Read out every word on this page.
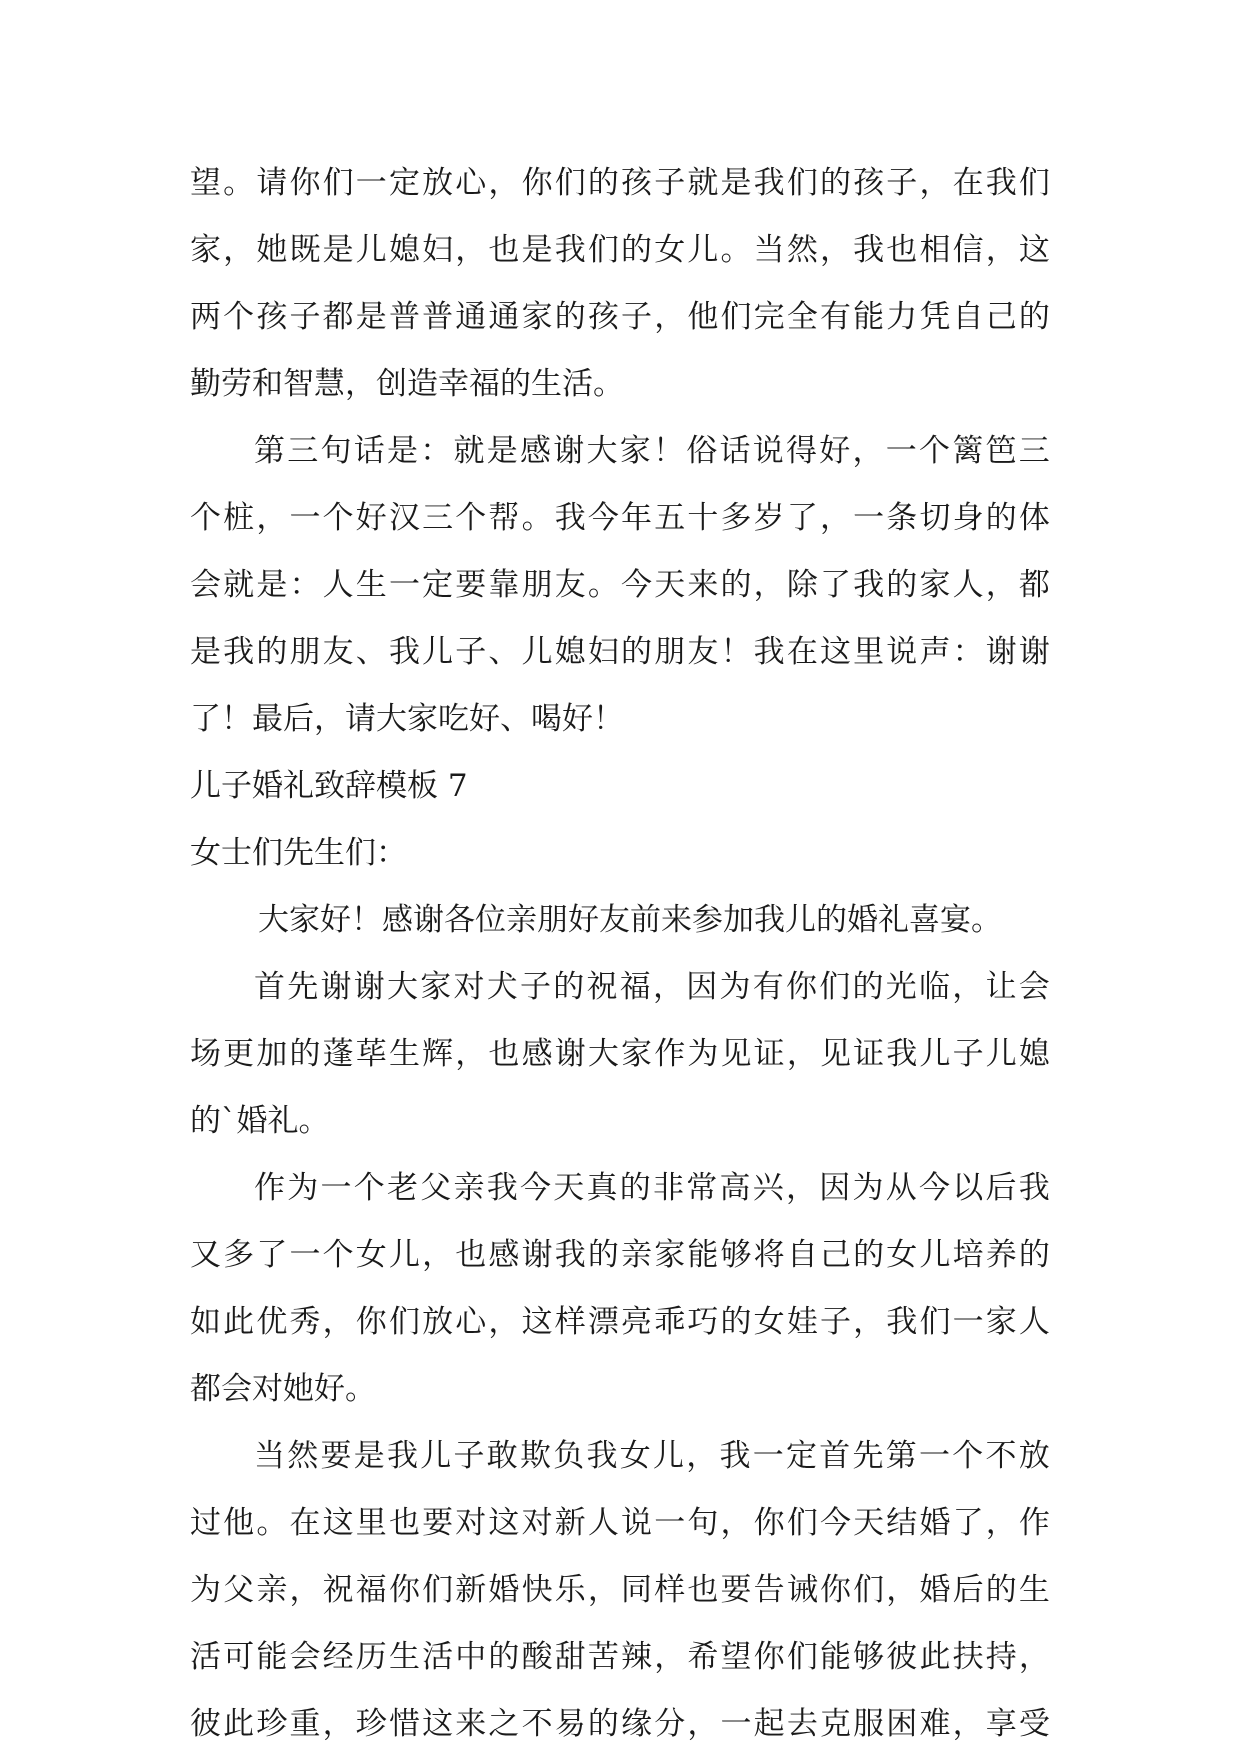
望 。 请 你 们 一 定 放 心 ， 你 们 的 孩 子 就 是 我 们 的 孩 子 ， 在 我 们
家 ， 她 既 是 儿 媳 妇 ， 也 是 我 们 的 女 儿 。 当 然 ， 我 也 相 信 ， 这
两 个 孩 子 都 是 普 普 通 通 家 的 孩 子 ， 他 们 完 全 有 能 力 凭 自 己 的
勤劳和智慧，创造幸福的生活。
第 三 句 话 是 ： 就 是 感 谢 大 家 ！ 俗 话 说 得 好 ， 一 个 篱 笆 三
个 桩 ， 一 个 好 汉 三 个 帮 。 我 今 年 五 十 多 岁 了 ， 一 条 切 身 的 体
会 就 是 ： 人 生 一 定 要 靠 朋 友 。 今 天 来 的 ， 除 了 我 的 家 人 ， 都
是 我 的 朋 友 、 我 儿 子 、 儿 媳 妇 的 朋 友 ！ 我 在 这 里 说 声 ： 谢 谢
了！最后，请大家吃好、喝好！
儿子婚礼致辞模板 7
女士们先生们：
大家好！感谢各位亲朋好友前来参加我儿的婚礼喜宴。
首 先 谢 谢 大 家 对 犬 子 的 祝 福 ， 因 为 有 你 们 的 光 临 ， 让 会
场 更 加 的 蓬 荜 生 辉 ， 也 感 谢 大 家 作 为 见 证 ， 见 证 我 儿 子 儿 媳
的`婚礼。
作 为 一 个 老 父 亲 我 今 天 真 的 非 常 高 兴 ， 因 为 从 今 以 后 我
又 多 了 一 个 女 儿 ， 也 感 谢 我 的 亲 家 能 够 将 自 己 的 女 儿 培 养 的
如 此 优 秀 ， 你 们 放 心 ， 这 样 漂 亮 乖 巧 的 女 娃 子 ， 我 们 一 家 人
都会对她好。
当 然 要 是 我 儿 子 敢 欺 负 我 女 儿 ， 我 一 定 首 先 第 一 个 不 放
过 他 。 在 这 里 也 要 对 这 对 新 人 说 一 句 ， 你 们 今 天 结 婚 了 ， 作
为 父 亲 ， 祝 福 你 们 新 婚 快 乐 ， 同 样 也 要 告 诫 你 们 ， 婚 后 的 生
活 可 能 会 经 历 生 活 中 的 酸 甜 苦 辣 ， 希 望 你 们 能 够 彼 此 扶 持 ，
彼 此 珍 重 ， 珍 惜 这 来 之 不 易 的 缘 分 ， 一 起 去 克 服 困 难 ， 享 受
